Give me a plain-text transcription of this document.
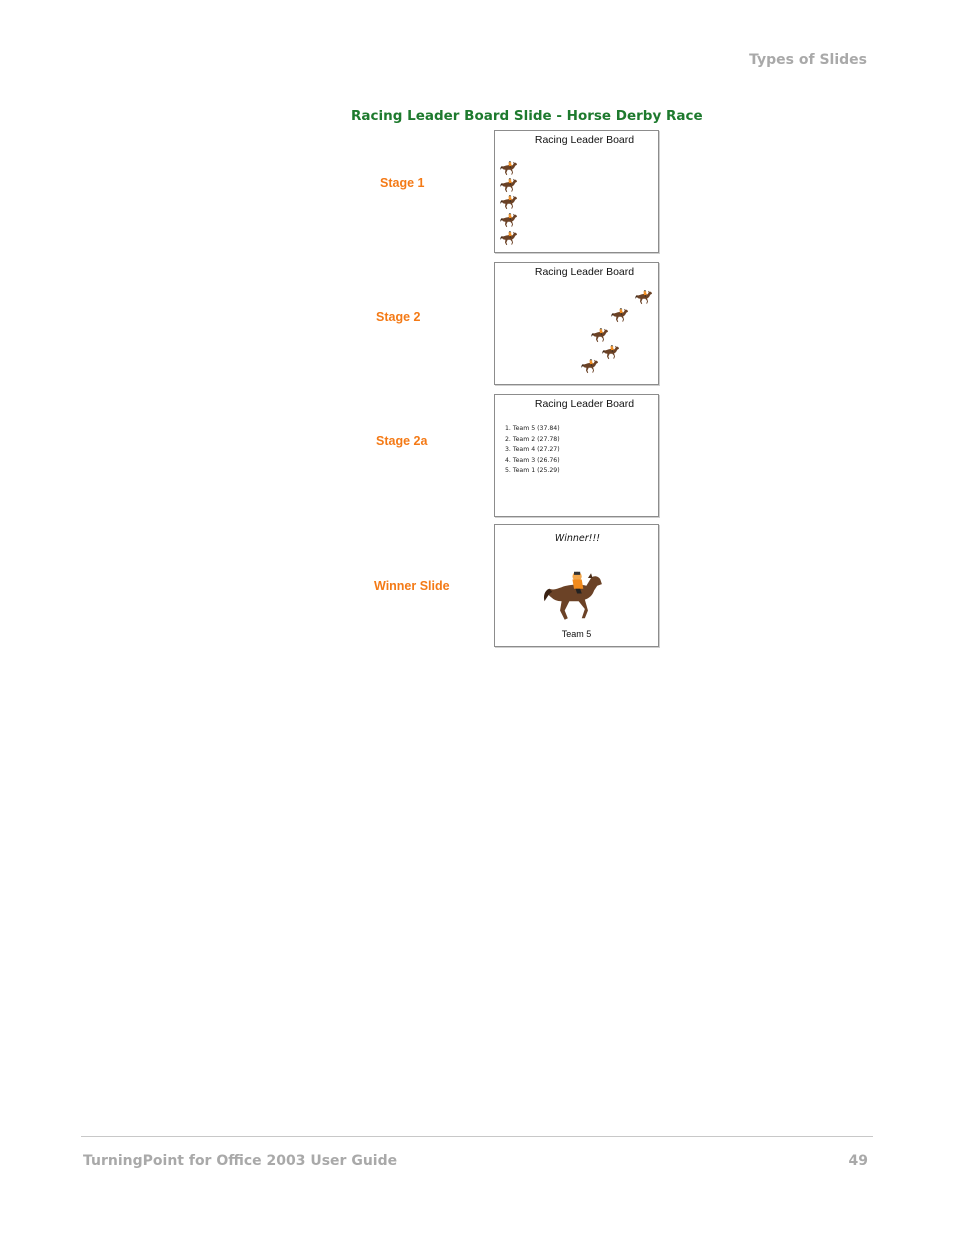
Types of Slides
Racing Leader Board Slide - Horse Derby Race
Stage 1
Racing Leader Board
Stage 2
Racing Leader Board
Stage 2a
Racing Leader Board
1. Team 5 (37.84)
2. Team 2 (27.78)
3. Team 4 (27.27)
4. Team 3 (26.76)
5. Team 1 (25.29)
Winner Slide
Winner!!!
Team 5
TurningPoint for Office 2003 User Guide	49
